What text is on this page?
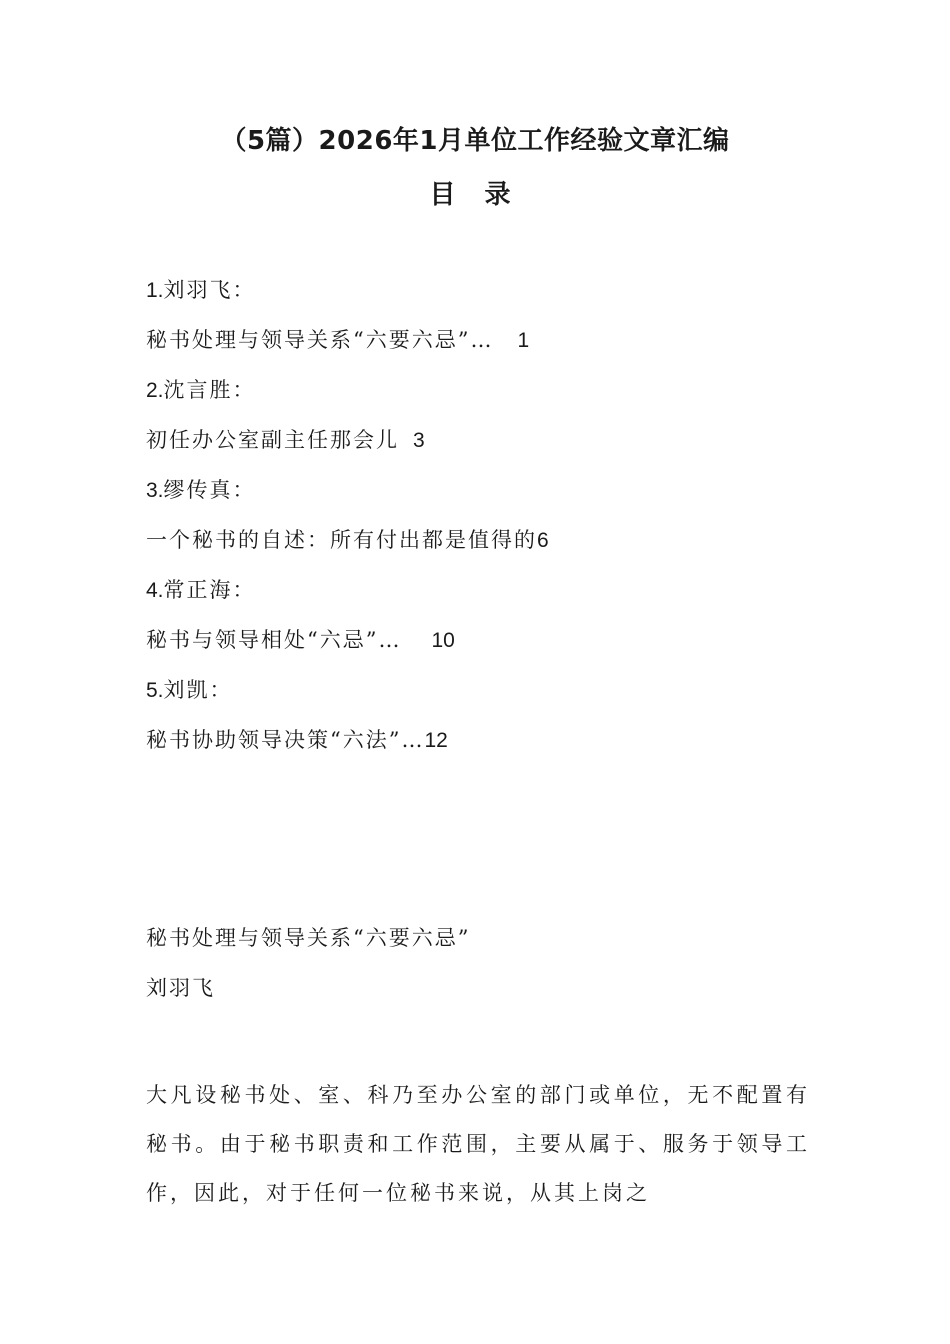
（5篇）2026年1月单位工作经验文章汇编
目 录
1.刘羽飞：
秘书处理与领导关系“六要六忌”… 1
2.沈言胜：
初任办公室副主任那会儿 3
3.缪传真：
一个秘书的自述：所有付出都是值得的6
4.常正海：
秘书与领导相处“六忌”… 10
5.刘凯：
秘书协助领导决策“六法”…12
秘书处理与领导关系“六要六忌”
刘羽飞

大凡设秘书处、室、科乃至办公室的部门或单位，无不配置有秘书。由于秘书职责和工作范围，主要从属于、服务于领导工作，因此，对于任何一位秘书来说，从其上岗之
